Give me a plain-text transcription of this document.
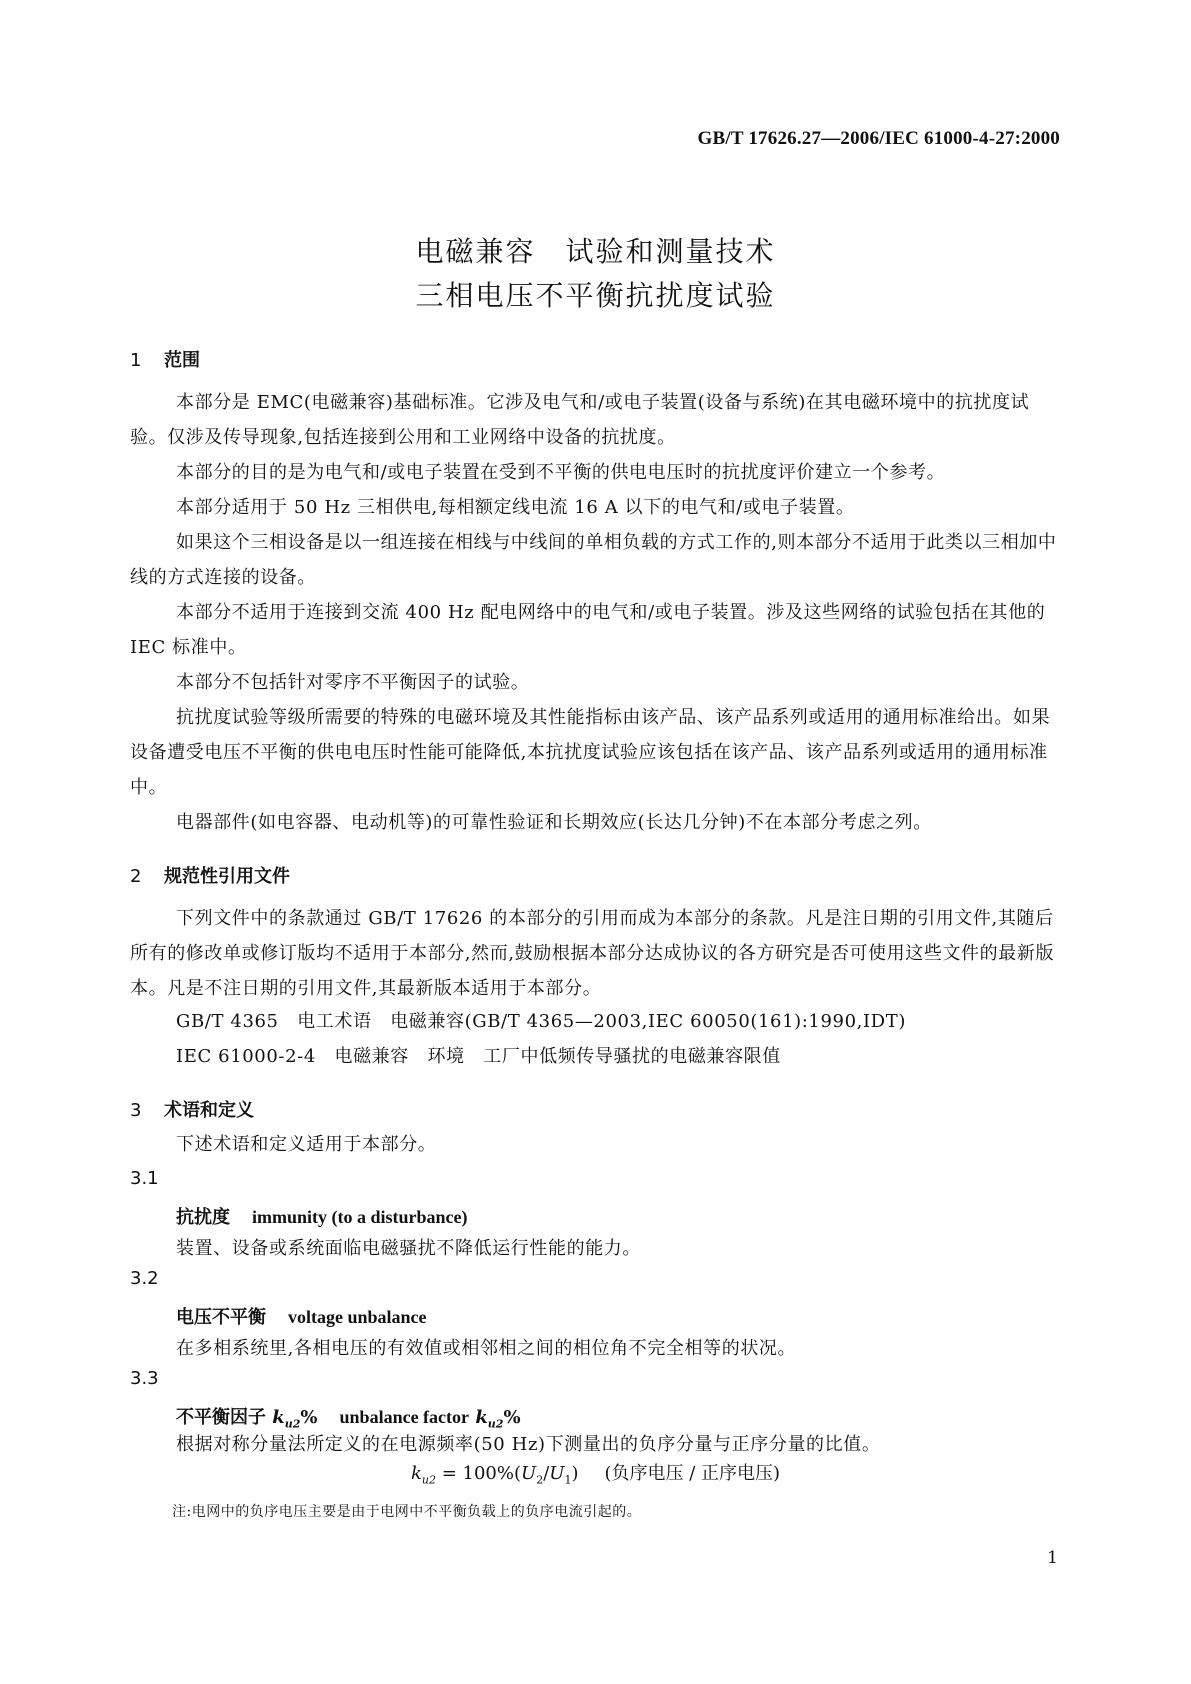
GB/T 17626.27—2006/IEC 61000-4-27:2000
电磁兼容 试验和测量技术
三相电压不平衡抗扰度试验
1 范围
本部分是 EMC(电磁兼容)基础标准。它涉及电气和/或电子装置(设备与系统)在其电磁环境中的抗扰度试验。仅涉及传导现象,包括连接到公用和工业网络中设备的抗扰度。
本部分的目的是为电气和/或电子装置在受到不平衡的供电电压时的抗扰度评价建立一个参考。
本部分适用于 50 Hz 三相供电,每相额定线电流 16 A 以下的电气和/或电子装置。
如果这个三相设备是以一组连接在相线与中线间的单相负载的方式工作的,则本部分不适用于此类以三相加中线的方式连接的设备。
本部分不适用于连接到交流 400 Hz 配电网络中的电气和/或电子装置。涉及这些网络的试验包括在其他的 IEC 标准中。
本部分不包括针对零序不平衡因子的试验。
抗扰度试验等级所需要的特殊的电磁环境及其性能指标由该产品、该产品系列或适用的通用标准给出。如果设备遭受电压不平衡的供电电压时性能可能降低,本抗扰度试验应该包括在该产品、该产品系列或适用的通用标准中。
电器部件(如电容器、电动机等)的可靠性验证和长期效应(长达几分钟)不在本部分考虑之列。
2 规范性引用文件
下列文件中的条款通过 GB/T 17626 的本部分的引用而成为本部分的条款。凡是注日期的引用文件,其随后所有的修改单或修订版均不适用于本部分,然而,鼓励根据本部分达成协议的各方研究是否可使用这些文件的最新版本。凡是不注日期的引用文件,其最新版本适用于本部分。
GB/T 4365　电工术语　电磁兼容(GB/T 4365—2003,IEC 60050(161):1990,IDT)
IEC 61000-2-4　电磁兼容　环境　工厂中低频传导骚扰的电磁兼容限值
3 术语和定义
下述术语和定义适用于本部分。
3.1
抗扰度 immunity (to a disturbance)
装置、设备或系统面临电磁骚扰不降低运行性能的能力。
3.2
电压不平衡 voltage unbalance
在多相系统里,各相电压的有效值或相邻相之间的相位角不完全相等的状况。
3.3
不平衡因子 $k_{u2}\%$ unbalance factor $k_{u2}\%$
根据对称分量法所定义的在电源频率(50 Hz)下测量出的负序分量与正序分量的比值。
$k_{u2} = 100\%(U_2/U_1)$ (负序电压 / 正序电压)
注:电网中的负序电压主要是由于电网中不平衡负载上的负序电流引起的。
1
